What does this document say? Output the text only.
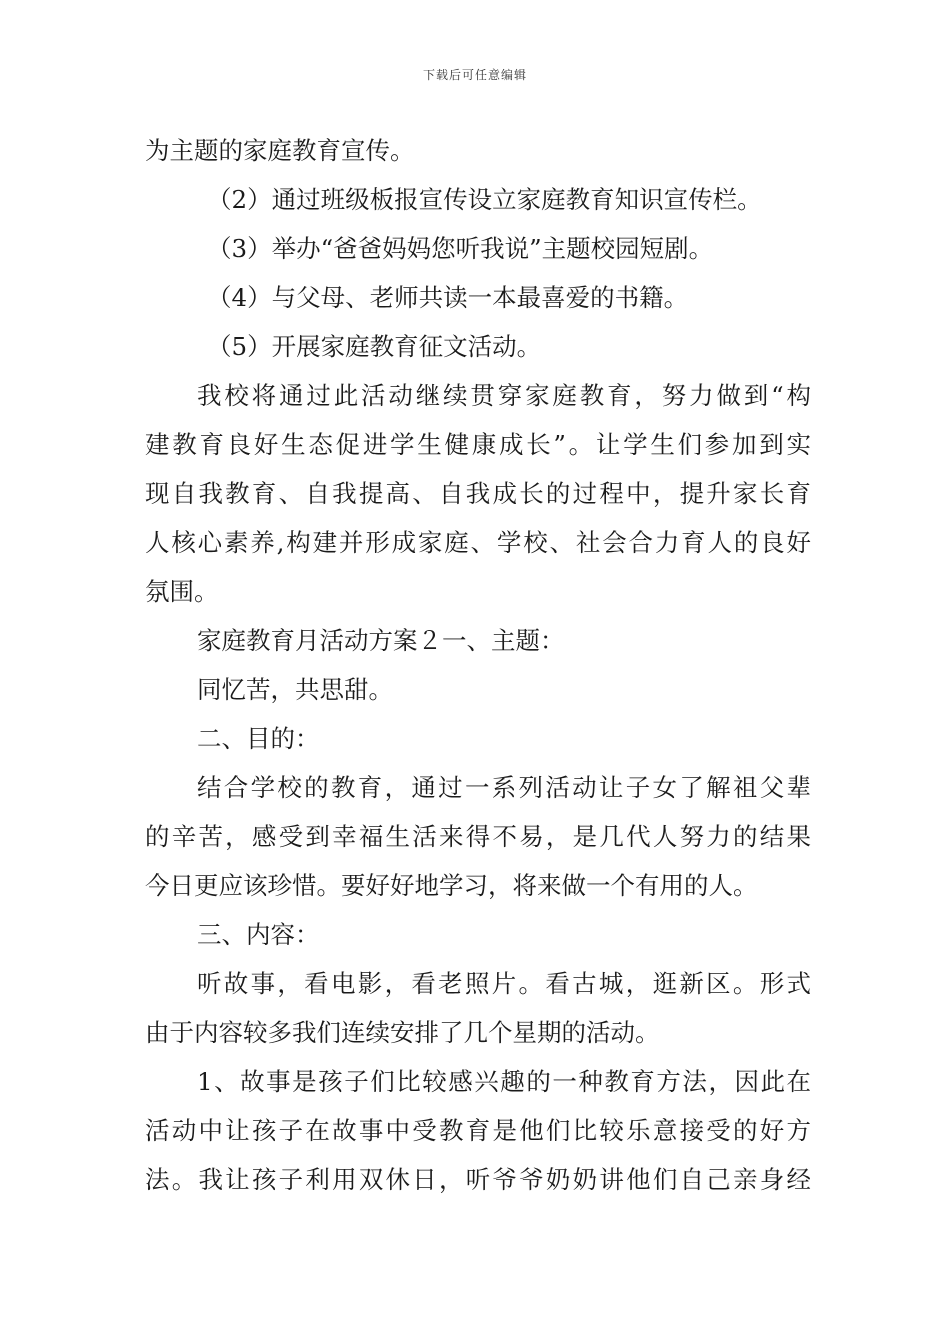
下载后可任意编辑
为主题的家庭教育宣传。
（2）通过班级板报宣传设立家庭教育知识宣传栏。
（3）举办“爸爸妈妈您听我说”主题校园短剧。
（4）与父母、老师共读一本最喜爱的书籍。
（5）开展家庭教育征文活动。
我校将通过此活动继续贯穿家庭教育，努力做到“构
建教育良好生态促进学生健康成长”。让学生们参加到实
现自我教育、自我提高、自我成长的过程中，提升家长育
人核心素养,构建并形成家庭、学校、社会合力育人的良好
氛围。
家庭教育月活动方案２一、主题：
同忆苦，共思甜。
二、目的：
结合学校的教育，通过一系列活动让子女了解祖父辈
的辛苦，感受到幸福生活来得不易，是几代人努力的结果
今日更应该珍惜。要好好地学习，将来做一个有用的人。
三、内容：
听故事，看电影，看老照片。看古城，逛新区。形式
由于内容较多我们连续安排了几个星期的活动。
1、故事是孩子们比较感兴趣的一种教育方法，因此在
活动中让孩子在故事中受教育是他们比较乐意接受的好方
法。我让孩子利用双休日，听爷爷奶奶讲他们自己亲身经
